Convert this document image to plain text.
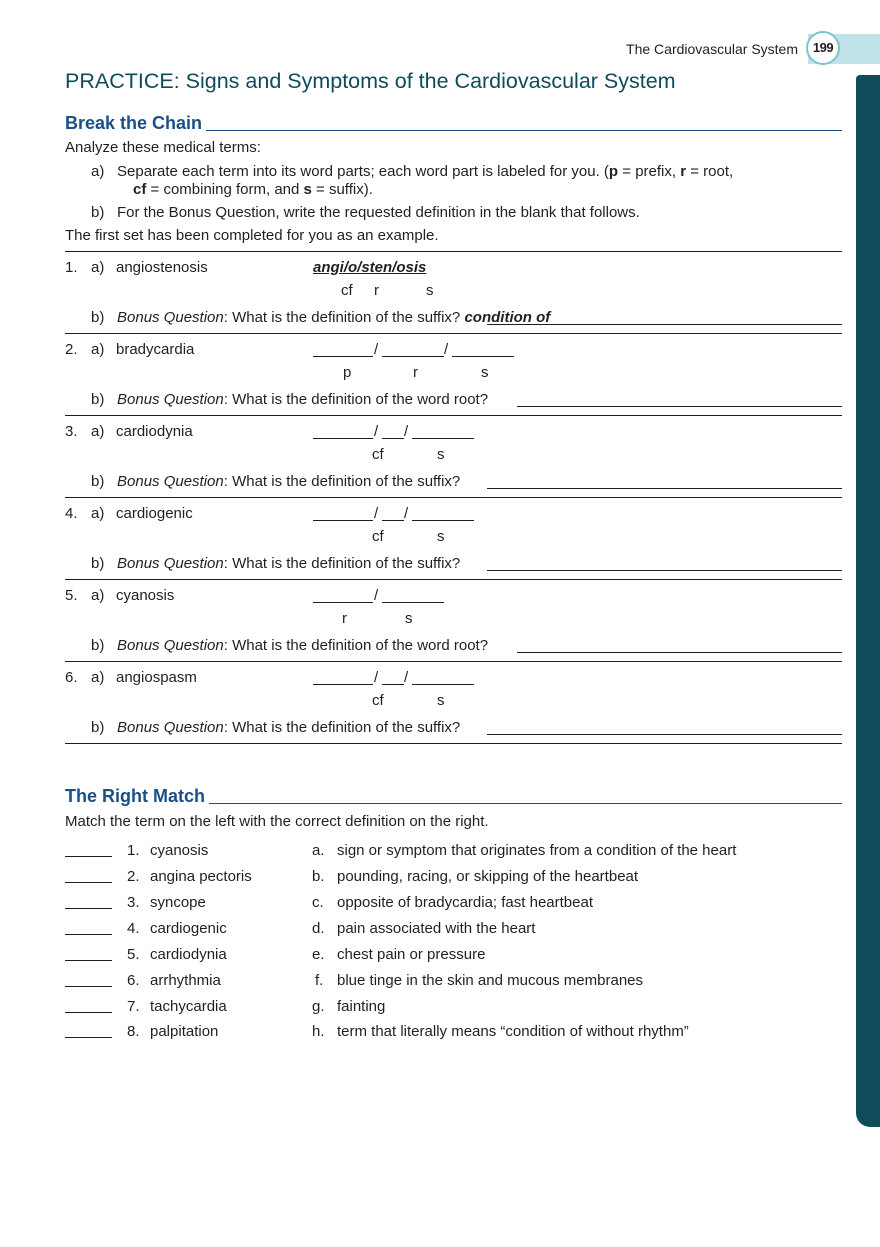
The Cardiovascular System	199
PRACTICE: Signs and Symptoms of the Cardiovascular System
Break the Chain
Analyze these medical terms:
a) Separate each term into its word parts; each word part is labeled for you. (p = prefix, r = root,
cf = combining form, and s = suffix).
b) For the Bonus Question, write the requested definition in the blank that follows.
The first set has been completed for you as an example.
1. a) angiostenosis	angi/o/sten/osis
cf r	s
b) Bonus Question: What is the definition of the suffix? condition of
2. a) bradycardia	/	/
p	r	s
b) Bonus Question: What is the definition of the word root?
3. a) cardiodynia	/ /
cf	s
b) Bonus Question: What is the definition of the suffix?
4. a) cardiogenic	/ /
cf	s
b) Bonus Question: What is the definition of the suffix?
5. a) cyanosis	/
r	s
b) Bonus Question: What is the definition of the word root?
6. a) angiospasm	/ /
cf	s
b) Bonus Question: What is the definition of the suffix?
The Right Match
Match the term on the left with the correct definition on the right.
1. cyanosis	a. sign or symptom that originates from a condition of the heart
2. angina pectoris	b. pounding, racing, or skipping of the heartbeat
3. syncope	c. opposite of bradycardia; fast heartbeat
4. cardiogenic	d. pain associated with the heart
5. cardiodynia	e. chest pain or pressure
6. arrhythmia	f. blue tinge in the skin and mucous membranes
7. tachycardia	g. fainting
8. palpitation	h. term that literally means “condition of without rhythm”
